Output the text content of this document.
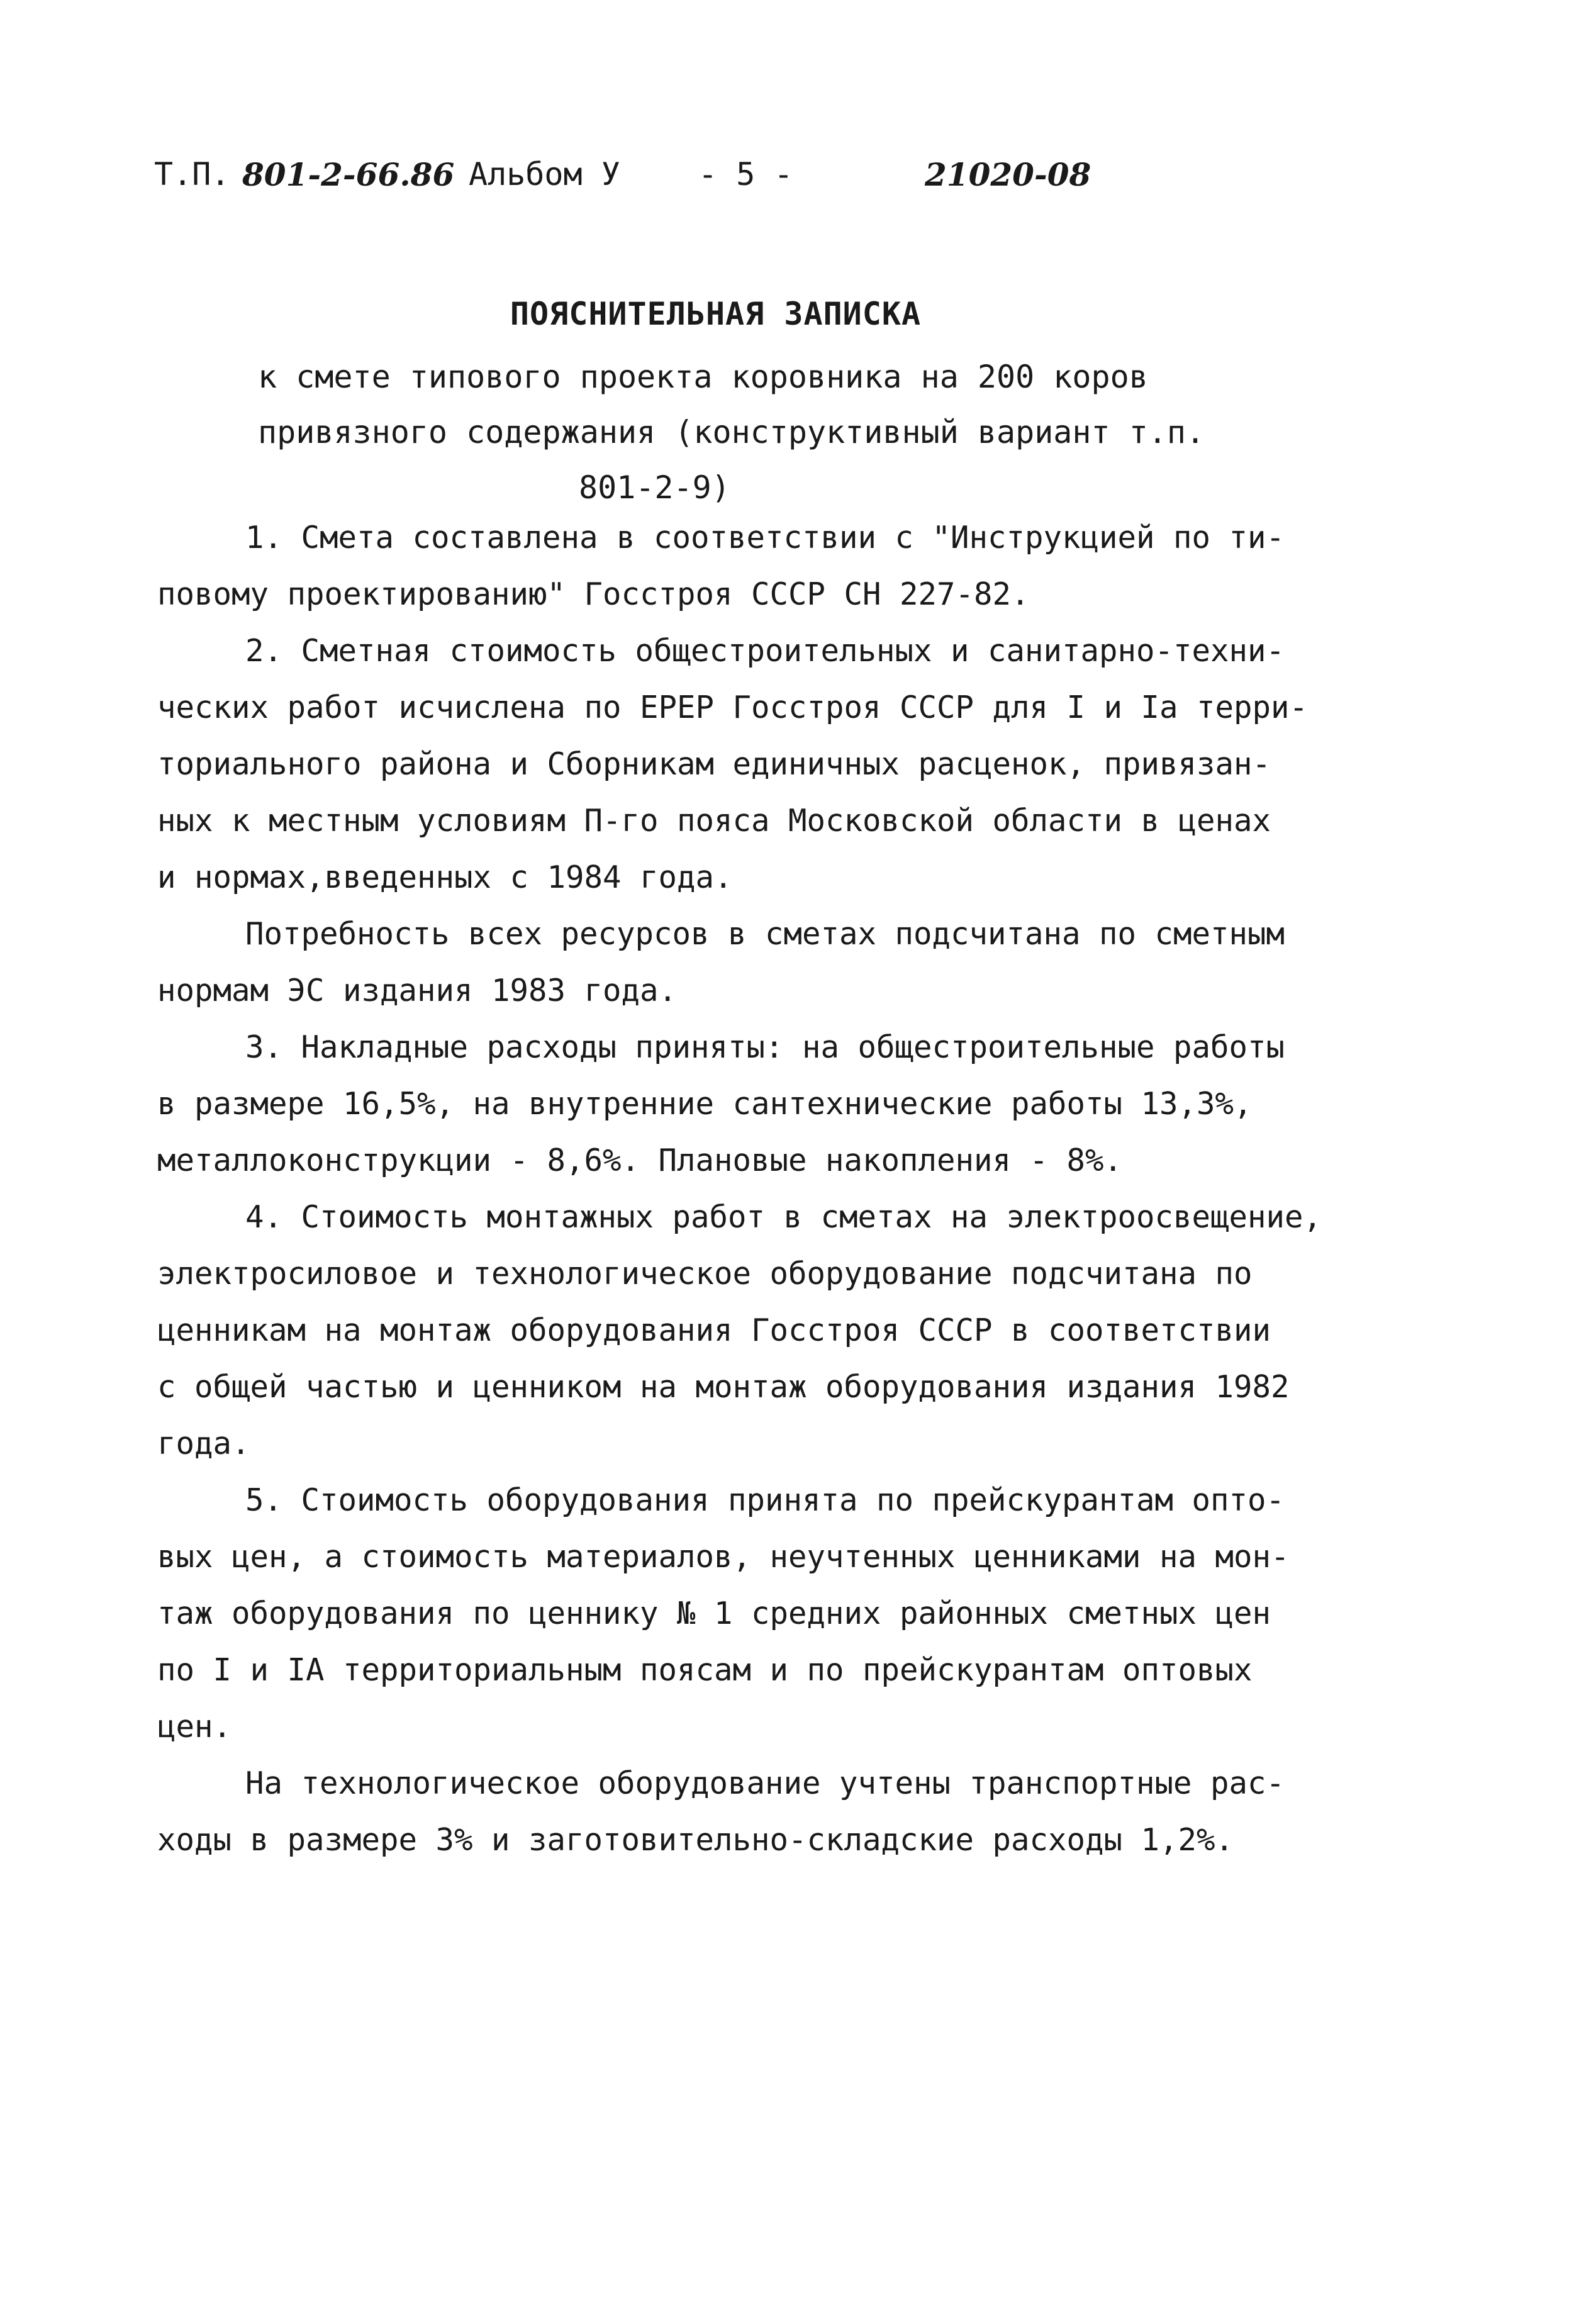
Т.П. 801-2-66.86 Альбом У - 5 -	21020-08
ПОЯСНИТЕЛЬНАЯ ЗАПИСКА
к смете типового проекта коровника на 200 коров
привязного содержания (конструктивный вариант т.п.
801-2-9)
1. Смета составлена в соответствии с "Инструкцией по ти-
повому проектированию" Госстроя СССР СН 227-82.
2. Сметная стоимость общестроительных и санитарно-техни-
ческих работ исчислена по ЕРЕР Госстроя СССР для I и Iа терри-
ториального района и Сборникам единичных расценок, привязан-
ных к местным условиям П-го пояса Московской области в ценах
и нормах,введенных с 1984 года.
Потребность всех ресурсов в сметах подсчитана по сметным
нормам ЭС издания 1983 года.
3. Накладные расходы приняты: на общестроительные работы
в размере 16,5%, на внутренние сантехнические работы 13,3%,
металлоконструкции - 8,6%. Плановые накопления - 8%.
4. Стоимость монтажных работ в сметах на электроосвещение,
электросиловое и технологическое оборудование подсчитана по
ценникам на монтаж оборудования Госстроя СССР в соответствии
с общей частью и ценником на монтаж оборудования издания 1982
года.
5. Стоимость оборудования принята по прейскурантам опто-
вых цен, а стоимость материалов, неучтенных ценниками на мон-
таж оборудования по ценнику № 1 средних районных сметных цен
по I и IA территориальным поясам и по прейскурантам оптовых
цен.
На технологическое оборудование учтены транспортные рас-
ходы в размере 3% и заготовительно-складские расходы 1,2%.
